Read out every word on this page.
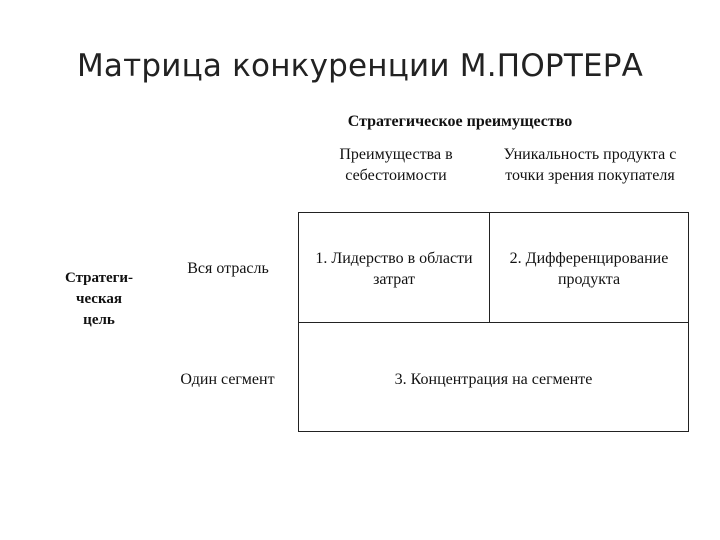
Матрица конкуренции М.ПОРТЕРА
Стратегическое преимущество
Преимущества в себестоимости
Уникальность продукта с точки зрения покупателя
Стратеги-
ческая
цель
Вся отрасль
Один сегмент
1. Лидерство в области затрат
2. Дифференцирование продукта
3. Концентрация на сегменте
